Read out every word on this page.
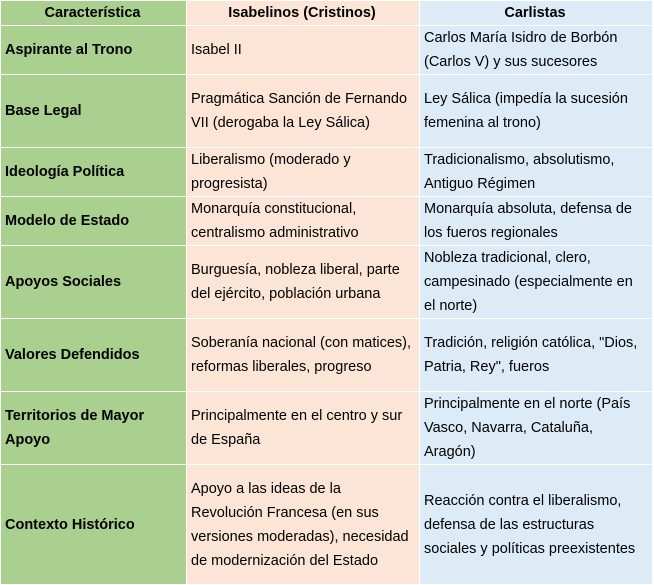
Característica	Isabelinos (Cristinos)	Carlistas
Aspirante al Trono	Isabel II	Carlos María Isidro de Borbón (Carlos V) y sus sucesores
Base Legal	Pragmática Sanción de Fernando VII (derogaba la Ley Sálica)	Ley Sálica (impedía la sucesión femenina al trono)
Ideología Política	Liberalismo (moderado y progresista)	Tradicionalismo, absolutismo, Antiguo Régimen
Modelo de Estado	Monarquía constitucional, centralismo administrativo	Monarquía absoluta, defensa de los fueros regionales
Apoyos Sociales	Burguesía, nobleza liberal, parte del ejército, población urbana	Nobleza tradicional, clero, campesinado (especialmente en el norte)
Valores Defendidos	Soberanía nacional (con matices), reformas liberales, progreso	Tradición, religión católica, "Dios, Patria, Rey", fueros
Territorios de Mayor Apoyo	Principalmente en el centro y sur de España	Principalmente en el norte (País Vasco, Navarra, Cataluña, Aragón)
Contexto Histórico	Apoyo a las ideas de la Revolución Francesa (en sus versiones moderadas), necesidad de modernización del Estado	Reacción contra el liberalismo, defensa de las estructuras sociales y políticas preexistentes
